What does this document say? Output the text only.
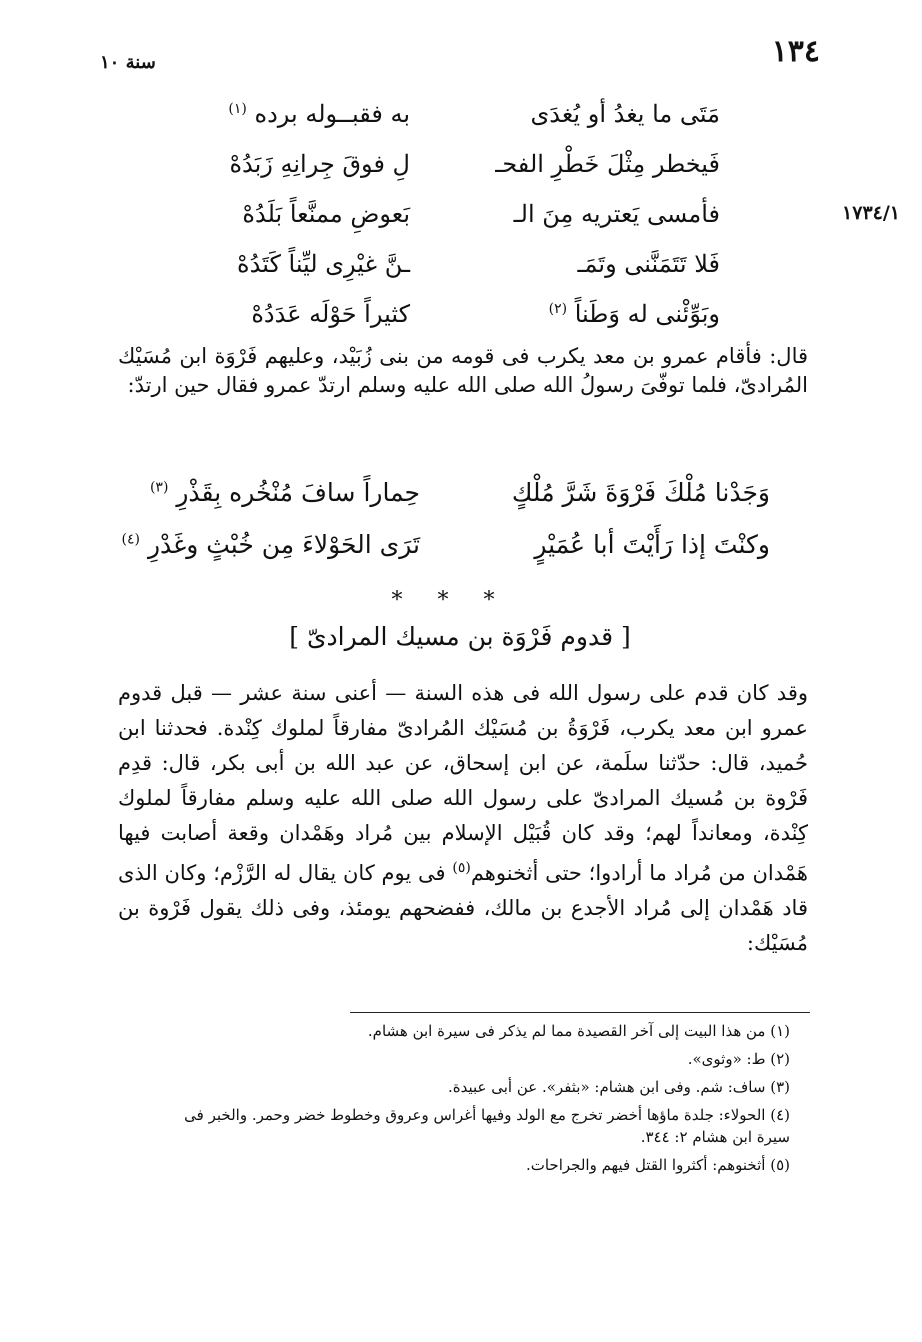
١٣٤
سنة ١٠
١٧٣٤/١
مَتَى ما يغدُ أو يُغدَى
به فقبــوله برده $^{(١)}$
فَيخطر مِثْلَ خَطْرِ الفحـ
لِ فوقَ جِرانِهِ زَبَدُهْ
فأمسى يَعتريه مِنَ الـ
بَعوضِ ممنَّعاً بَلَدُهْ
فَلا تَتَمَنَّنى وتَمَـ
ـنَّ غيْرِى ليِّناً كَتَدُهْ
وبَوِّئْنى له وَطَناً $^{(٢)}$
كثيراً حَوْلَه عَدَدُهْ
قال: فأقام عمرو بن معد يكرب فى قومه من بنى زُبَيْد، وعليهم فَرْوَة ابن مُسَيْك المُرادىّ، فلما توفّىَ رسولُ الله صلى الله عليه وسلم ارتدّ عمرو فقال حين ارتدّ:
وَجَدْنا مُلْكَ فَرْوَةَ شَرَّ مُلْكٍ
حِماراً سافَ مُنْخُره بِقَذْرِ $^{(٣)}$
وكنْتَ إذا رَأَيْتَ أبا عُمَيْرٍ
تَرَى الحَوْلاءَ مِن خُبْثٍ وغَدْرِ $^{(٤)}$
* * *
[ قدوم فَرْوَة بن مسيك المرادىّ ]
وقد كان قدم على رسول الله فى هذه السنة — أعنى سنة عشر — قبل قدوم عمرو ابن معد يكرب، فَرْوَةُ بن مُسَيْك المُرادىّ مفارقاً لملوك كِنْدة. فحدثنا ابن حُميد، قال: حدّثنا سلَمة، عن ابن إسحاق، عن عبد الله بن أبى بكر، قال: قدِم فَرْوة بن مُسيك المرادىّ على رسول الله صلى الله عليه وسلم مفارقاً لملوك كِنْدة، ومعانداً لهم؛ وقد كان قُبَيْل الإسلام بين مُراد وهَمْدان وقعة أصابت فيها هَمْدان من مُراد ما أرادوا؛ حتى أثخنوهم$^{(٥)}$ فى يوم كان يقال له الرَّزْم؛ وكان الذى قاد هَمْدان إلى مُراد الأجدع بن مالك، ففضحهم يومئذ، وفى ذلك يقول فَرْوة بن مُسَيْك:

(١) من هذا البيت إلى آخر القصيدة مما لم يذكر فى سيرة ابن هشام.

(٢) ط: «وثوى».

(٣) ساف: شم. وفى ابن هشام: «بثفر». عن أبى عبيدة.

(٤) الحولاء: جلدة ماؤها أخضر تخرج مع الولد وفيها أغراس وعروق وخطوط خضر وحمر. والخبر فى سيرة ابن هشام ٢: ٣٤٤.

(٥) أثخنوهم: أكثروا القتل فيهم والجراحات.
